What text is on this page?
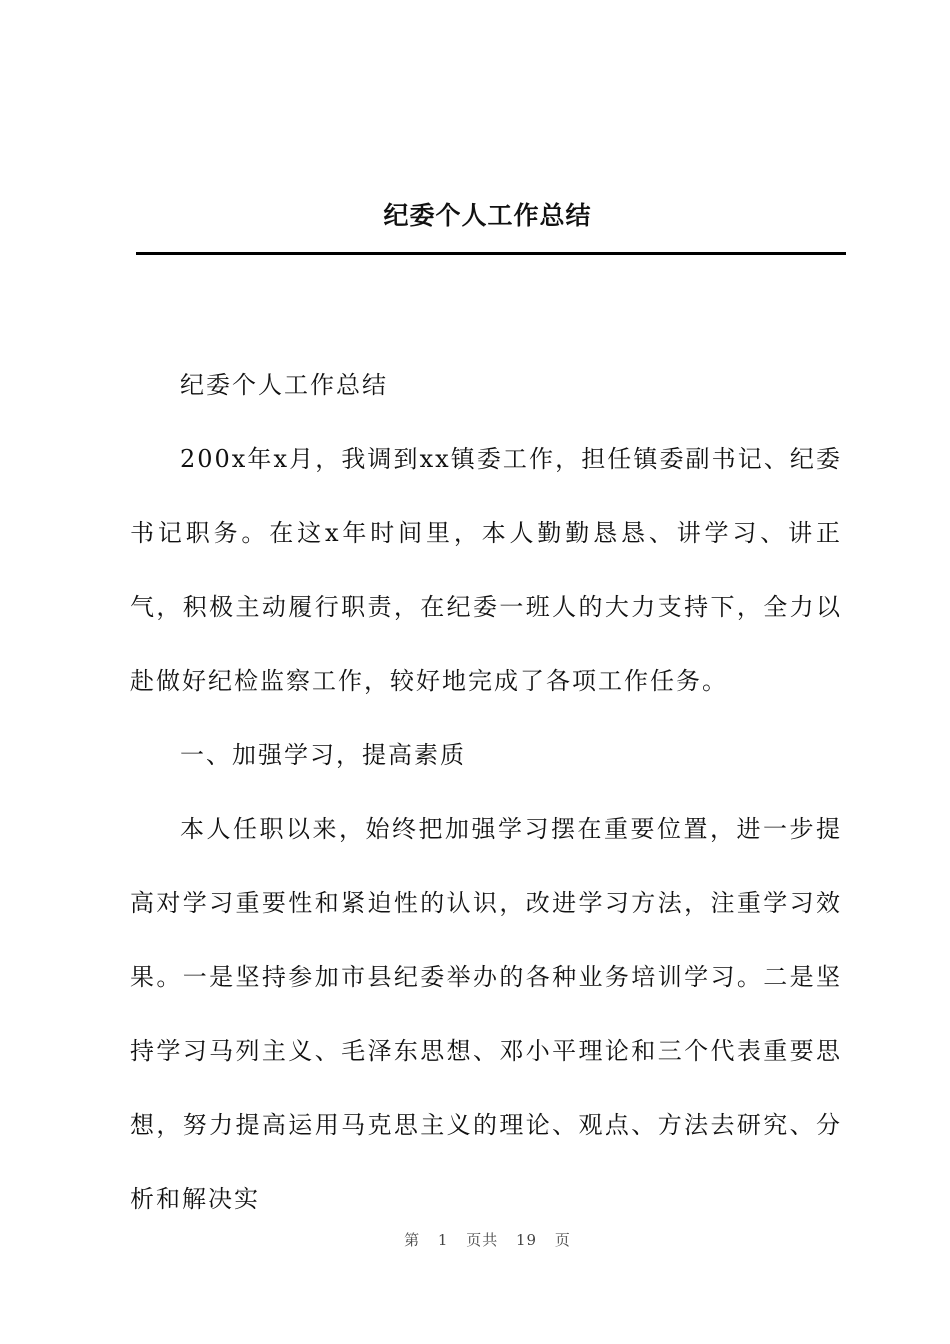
纪委个人工作总结

纪委个人工作总结

200x年x月，我调到xx镇委工作，担任镇委副书记、纪委书记职务。在这x年时间里，本人勤勤恳恳、讲学习、讲正气，积极主动履行职责，在纪委一班人的大力支持下，全力以赴做好纪检监察工作，较好地完成了各项工作任务。

一、加强学习，提高素质

本人任职以来，始终把加强学习摆在重要位置，进一步提高对学习重要性和紧迫性的认识，改进学习方法，注重学习效果。一是坚持参加市县纪委举办的各种业务培训学习。二是坚持学习马列主义、毛泽东思想、邓小平理论和三个代表重要思想，努力提高运用马克思主义的理论、观点、方法去研究、分析和解决实

第 1 页共 19 页
